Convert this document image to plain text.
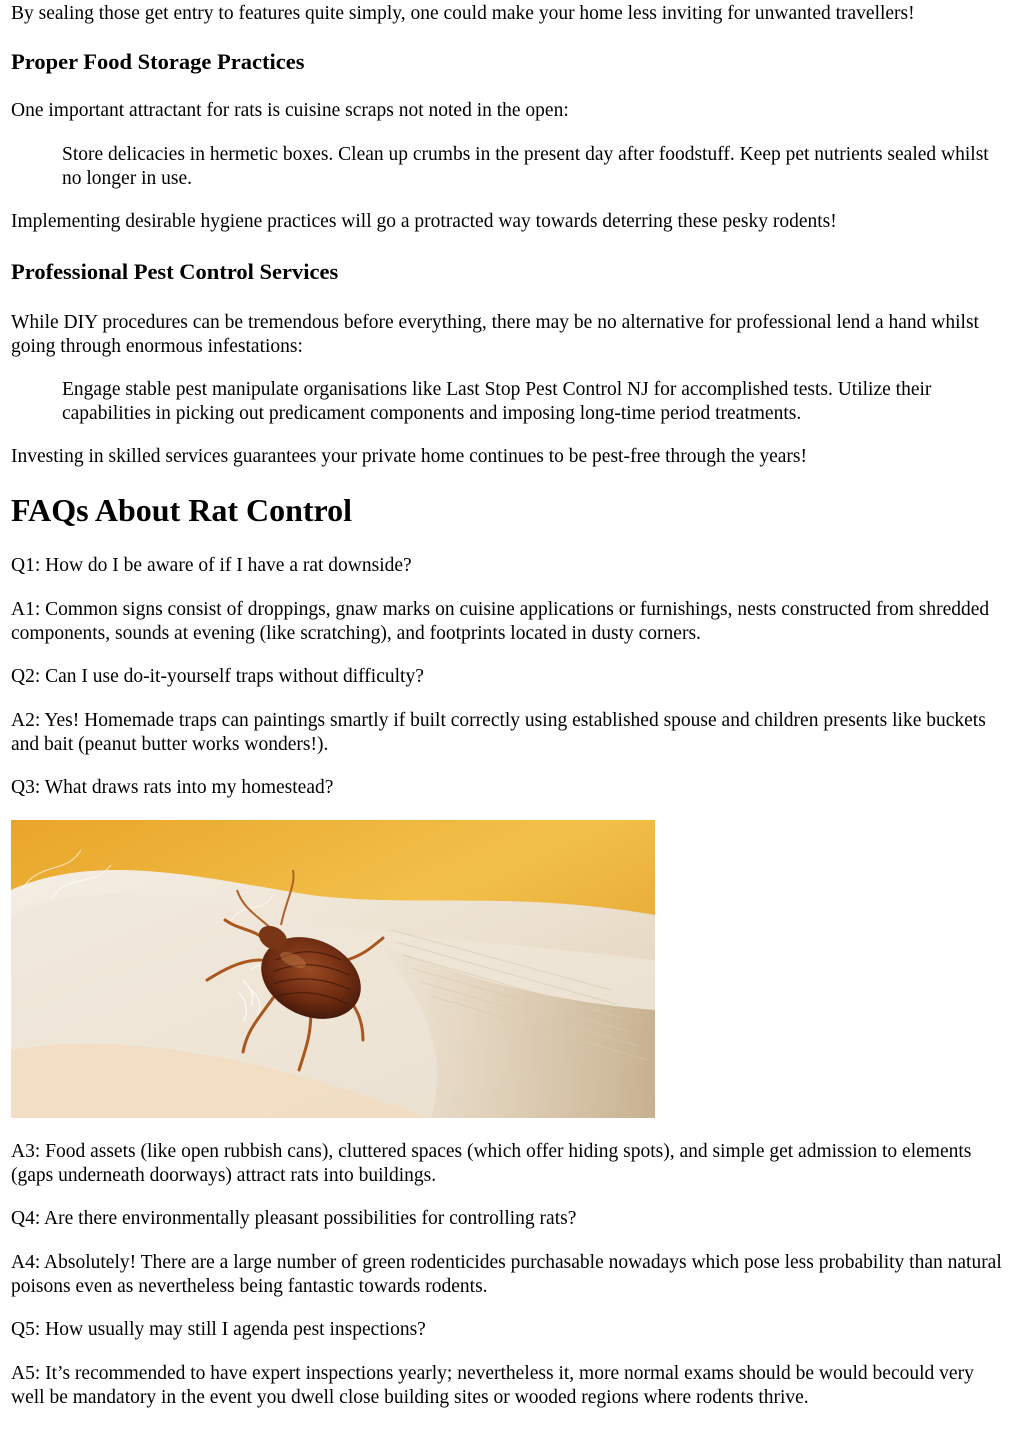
By sealing those get entry to features quite simply, one could make your home less inviting for unwanted travellers!

Proper Food Storage Practices

One important attractant for rats is cuisine scraps not noted in the open:

Store delicacies in hermetic boxes. Clean up crumbs in the present day after foodstuff. Keep pet nutrients sealed whilst no longer in use.

Implementing desirable hygiene practices will go a protracted way towards deterring these pesky rodents!

Professional Pest Control Services

While DIY procedures can be tremendous before everything, there may be no alternative for professional lend a hand whilst going through enormous infestations:

Engage stable pest manipulate organisations like Last Stop Pest Control NJ for accomplished tests. Utilize their capabilities in picking out predicament components and imposing long-time period treatments.

Investing in skilled services guarantees your private home continues to be pest-free through the years!

FAQs About Rat Control

Q1: How do I be aware of if I have a rat downside?

A1: Common signs consist of droppings, gnaw marks on cuisine applications or furnishings, nests constructed from shredded components, sounds at evening (like scratching), and footprints located in dusty corners.

Q2: Can I use do-it-yourself traps without difficulty?

A2: Yes! Homemade traps can paintings smartly if built correctly using established spouse and children presents like buckets and bait (peanut butter works wonders!).

Q3: What draws rats into my homestead?

A3: Food assets (like open rubbish cans), cluttered spaces (which offer hiding spots), and simple get admission to elements (gaps underneath doorways) attract rats into buildings.

Q4: Are there environmentally pleasant possibilities for controlling rats?

A4: Absolutely! There are a large number of green rodenticides purchasable nowadays which pose less probability than natural poisons even as nevertheless being fantastic towards rodents.

Q5: How usually may still I agenda pest inspections?

A5: It’s recommended to have expert inspections yearly; nevertheless it, more normal exams should be would becould very well be mandatory in the event you dwell close building sites or wooded regions where rodents thrive.
